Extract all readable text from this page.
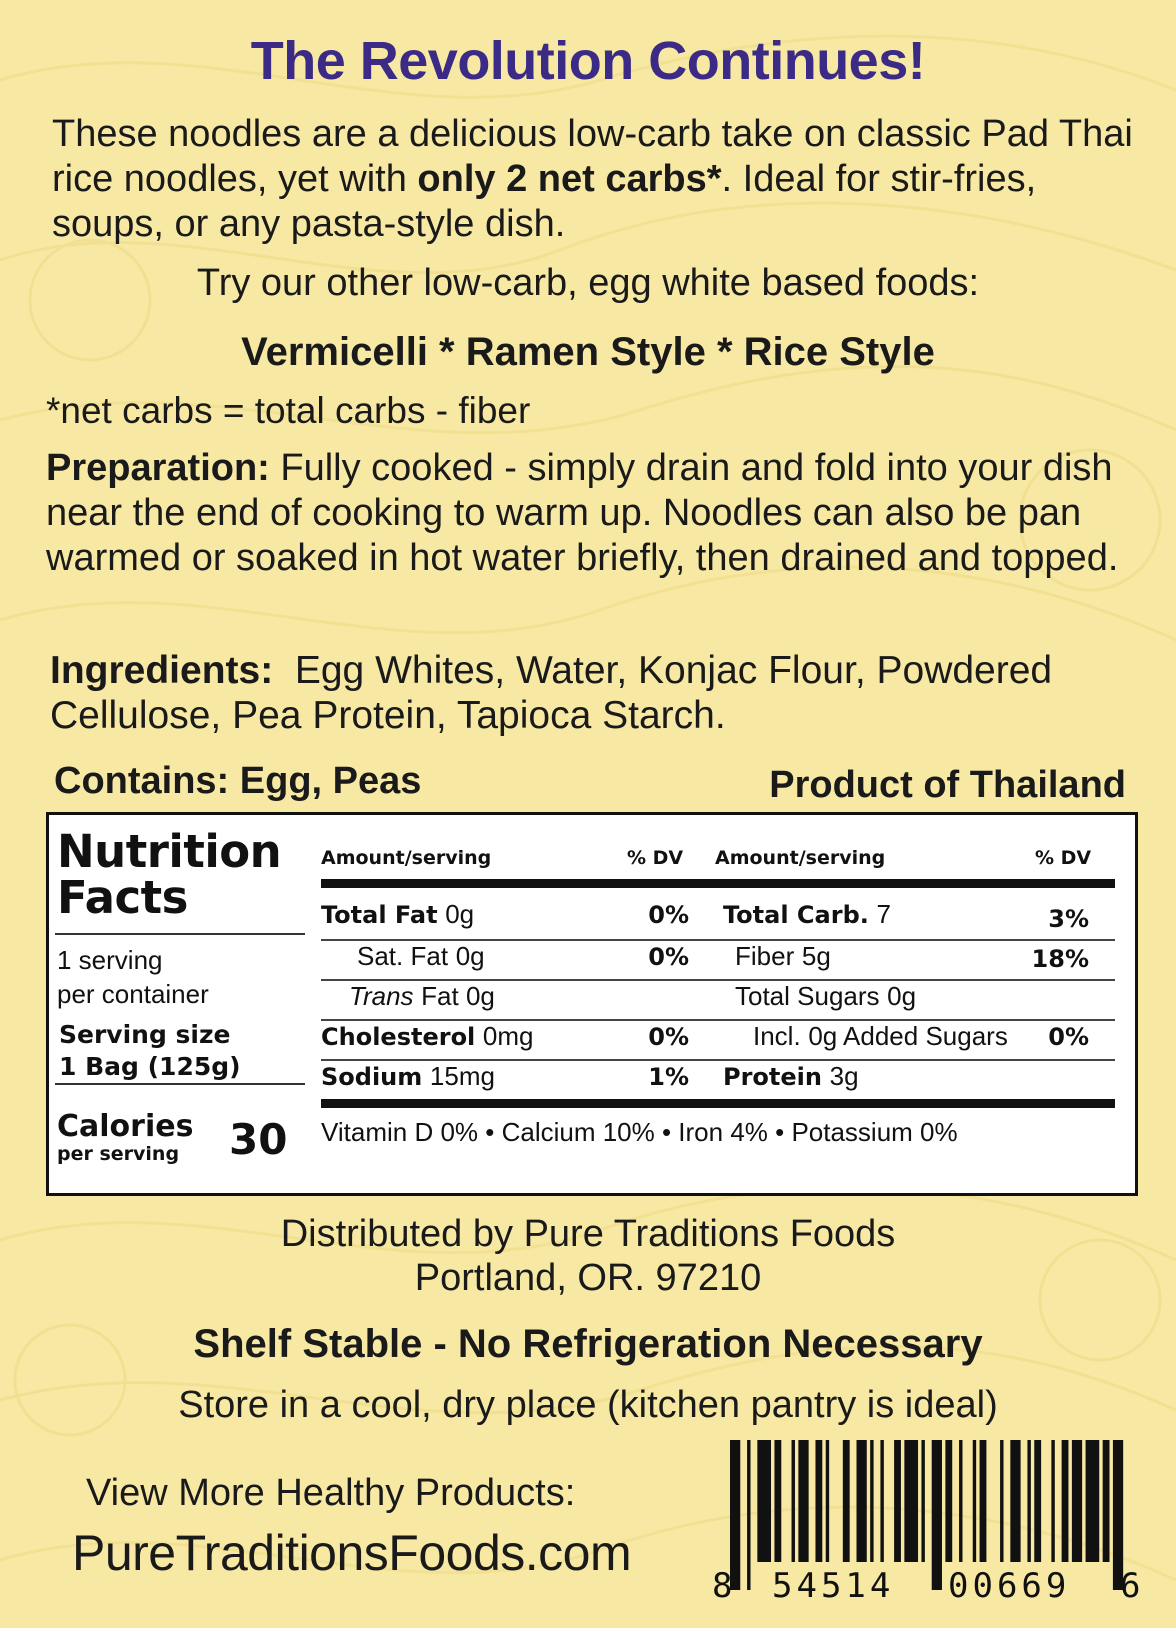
The Revolution Continues!
These noodles are a delicious low-carb take on classic Pad Thai rice noodles, yet with only 2 net carbs*. Ideal for stir-fries, soups, or any pasta-style dish.
Try our other low-carb, egg white based foods:
Vermicelli * Ramen Style * Rice Style
*net carbs = total carbs - fiber
Preparation: Fully cooked - simply drain and fold into your dish near the end of cooking to warm up. Noodles can also be pan warmed or soaked in hot water briefly, then drained and topped.
Ingredients:  Egg Whites, Water, Konjac Flour, Powdered Cellulose, Pea Protein, Tapioca Starch.
Contains: Egg, Peas	Product of Thailand
Nutrition
Facts
1 serving
per container
Serving size
1 Bag (125g)
Calories
per serving 30
Amount/serving	% DV Amount/serving	% DV
Total Fat 0g	0% Total Carb. 7	3%
Sat. Fat 0g	0% Fiber 5g	18%
Trans Fat 0g	Total Sugars 0g
Cholesterol 0mg	0% Incl. 0g Added Sugars	0%
Sodium 15mg	1% Protein 3g
Vitamin D 0% • Calcium 10% • Iron 4% • Potassium 0%
Distributed by Pure Traditions Foods
Portland, OR. 97210
Shelf Stable - No Refrigeration Necessary
Store in a cool, dry place (kitchen pantry is ideal)
View More Healthy Products:
PureTraditionsFoods.com
8 54514 00669 6
